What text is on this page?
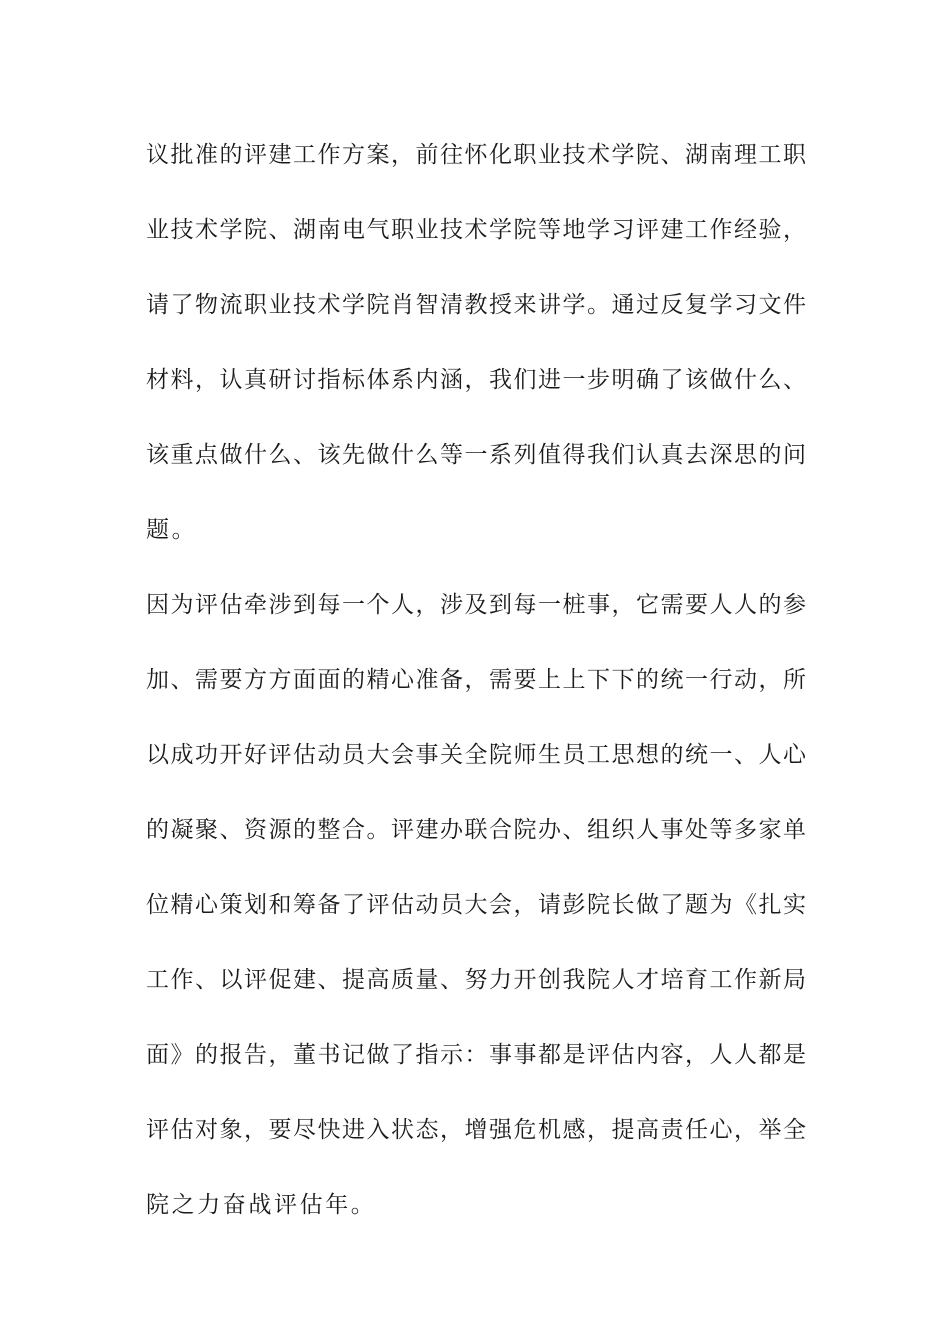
议批准的评建工作方案，前往怀化职业技术学院、湖南理工职
业技术学院、湖南电气职业技术学院等地学习评建工作经验，
请了物流职业技术学院肖智清教授来讲学。通过反复学习文件
材料，认真研讨指标体系内涵，我们进一步明确了该做什么、
该重点做什么、该先做什么等一系列值得我们认真去深思的问
题。
因为评估牵涉到每一个人，涉及到每一桩事，它需要人人的参
加、需要方方面面的精心准备，需要上上下下的统一行动，所
以成功开好评估动员大会事关全院师生员工思想的统一、人心
的凝聚、资源的整合。评建办联合院办、组织人事处等多家单
位精心策划和筹备了评估动员大会，请彭院长做了题为《扎实
工作、以评促建、提高质量、努力开创我院人才培育工作新局
面》的报告，董书记做了指示：事事都是评估内容，人人都是
评估对象，要尽快进入状态，增强危机感，提高责任心，举全
院之力奋战评估年。
